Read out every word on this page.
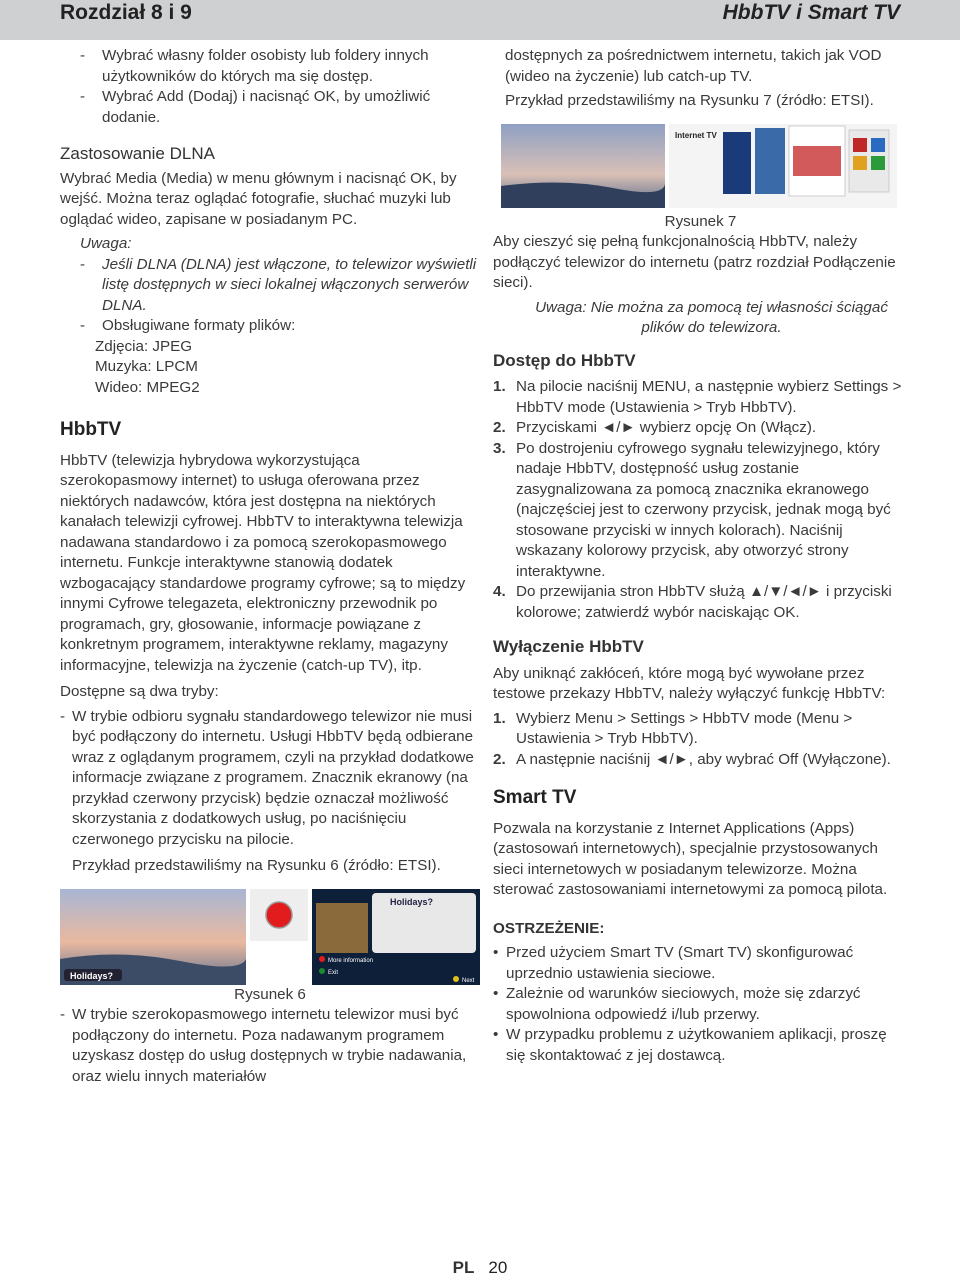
Rozdział 8 i 9	HbbTV i Smart TV
-	Wybrać własny folder osobisty lub foldery innych użytkowników do których ma się dostęp.
-	Wybrać Add (Dodaj) i nacisnąć OK, by umożliwić dodanie.
Zastosowanie DLNA

Wybrać Media (Media) w menu głównym i nacisnąć OK, by wejść. Można teraz oglądać fotografie, słuchać muzyki lub oglądać wideo, zapisane w posiadanym PC.

Uwaga:
-	Jeśli DLNA (DLNA) jest włączone, to telewizor wyświetli listę dostępnych w sieci lokalnej włączonych serwerów DLNA.
-	Obsługiwane formaty plików:
Zdjęcia: JPEG
Muzyka: LPCM
Wideo: MPEG2
HbbTV

HbbTV (telewizja hybrydowa wykorzystująca szerokopasmowy internet) to usługa oferowana przez niektórych nadawców, która jest dostępna na niektórych kanałach telewizji cyfrowej. HbbTV to interaktywna telewizja nadawana standardowo i za pomocą szerokopasmowego internetu. Funkcje interaktywne stanowią dodatek wzbogacający standardowe programy cyfrowe; są to między innymi Cyfrowe telegazeta, elektroniczny przewodnik po programach, gry, głosowanie, informacje powiązane z konkretnym programem, interaktywne reklamy, magazyny informacyjne, telewizja na życzenie (catch-up TV), itp.

Dostępne są dwa tryby:

- W trybie odbioru sygnału standardowego telewizor nie musi być podłączony do internetu. Usługi HbbTV będą odbierane wraz z oglądanym programem, czyli na przykład dodatkowe informacje związane z programem. Znacznik ekranowy (na przykład czerwony przycisk) będzie oznaczał możliwość skorzystania z dodatkowych usług, po naciśnięciu czerwonego przycisku na pilocie.

Przykład przedstawiliśmy na Rysunku 6 (źródło: ETSI).

Holidays?
Holidays?
More information
Exit
Next
Rysunek 6
- W trybie szerokopasmowego internetu telewizor musi być podłączony do internetu. Poza nadawanym programem uzyskasz dostęp do usług dostępnych w trybie nadawania, oraz wielu innych materiałów

dostępnych za pośrednictwem internetu, takich jak VOD (wideo na życzenie) lub catch-up TV.

Przykład przedstawiliśmy na Rysunku 7 (źródło: ETSI).

Internet TV
Rysunek 7

Aby cieszyć się pełną funkcjonalnością HbbTV, należy podłączyć telewizor do internetu (patrz rozdział Podłączenie sieci).

Uwaga: Nie można za pomocą tej własności ściągać plików do telewizora.

Dostęp do HbbTV
1. Na pilocie naciśnij MENU, a następnie wybierz Settings > HbbTV mode (Ustawienia > Tryb HbbTV).
2. Przyciskami ◄/► wybierz opcję On (Włącz).
3. Po dostrojeniu cyfrowego sygnału telewizyjnego, który nadaje HbbTV, dostępność usług zostanie zasygnalizowana za pomocą znacznika ekranowego (najczęściej jest to czerwony przycisk, jednak mogą być stosowane przyciski w innych kolorach). Naciśnij wskazany kolorowy przycisk, aby otworzyć strony interaktywne.
4. Do przewijania stron HbbTV służą ▲/▼/◄/► i przyciski kolorowe; zatwierdź wybór naciskając OK.
Wyłączenie HbbTV

Aby uniknąć zakłóceń, które mogą być wywołane przez testowe przekazy HbbTV, należy wyłączyć funkcję HbbTV:

1. Wybierz Menu > Settings > HbbTV mode (Menu > Ustawienia > Tryb HbbTV).
2. A następnie naciśnij ◄/►, aby wybrać Off (Wyłączone).
Smart TV

Pozwala na korzystanie z Internet Applications (Apps) (zastosowań internetowych), specjalnie przystosowanych sieci internetowych w posiadanym telewizorze. Można sterować zastosowaniami internetowymi za pomocą pilota.

OSTRZEŻENIE:
• Przed użyciem Smart TV (Smart TV) skonfigurować uprzednio ustawienia sieciowe.
• Zależnie od warunków sieciowych, może się zdarzyć spowolniona odpowiedź i/lub przerwy.
• W przypadku problemu z użytkowaniem aplikacji, proszę się skontaktować z jej dostawcą.
PL 20
